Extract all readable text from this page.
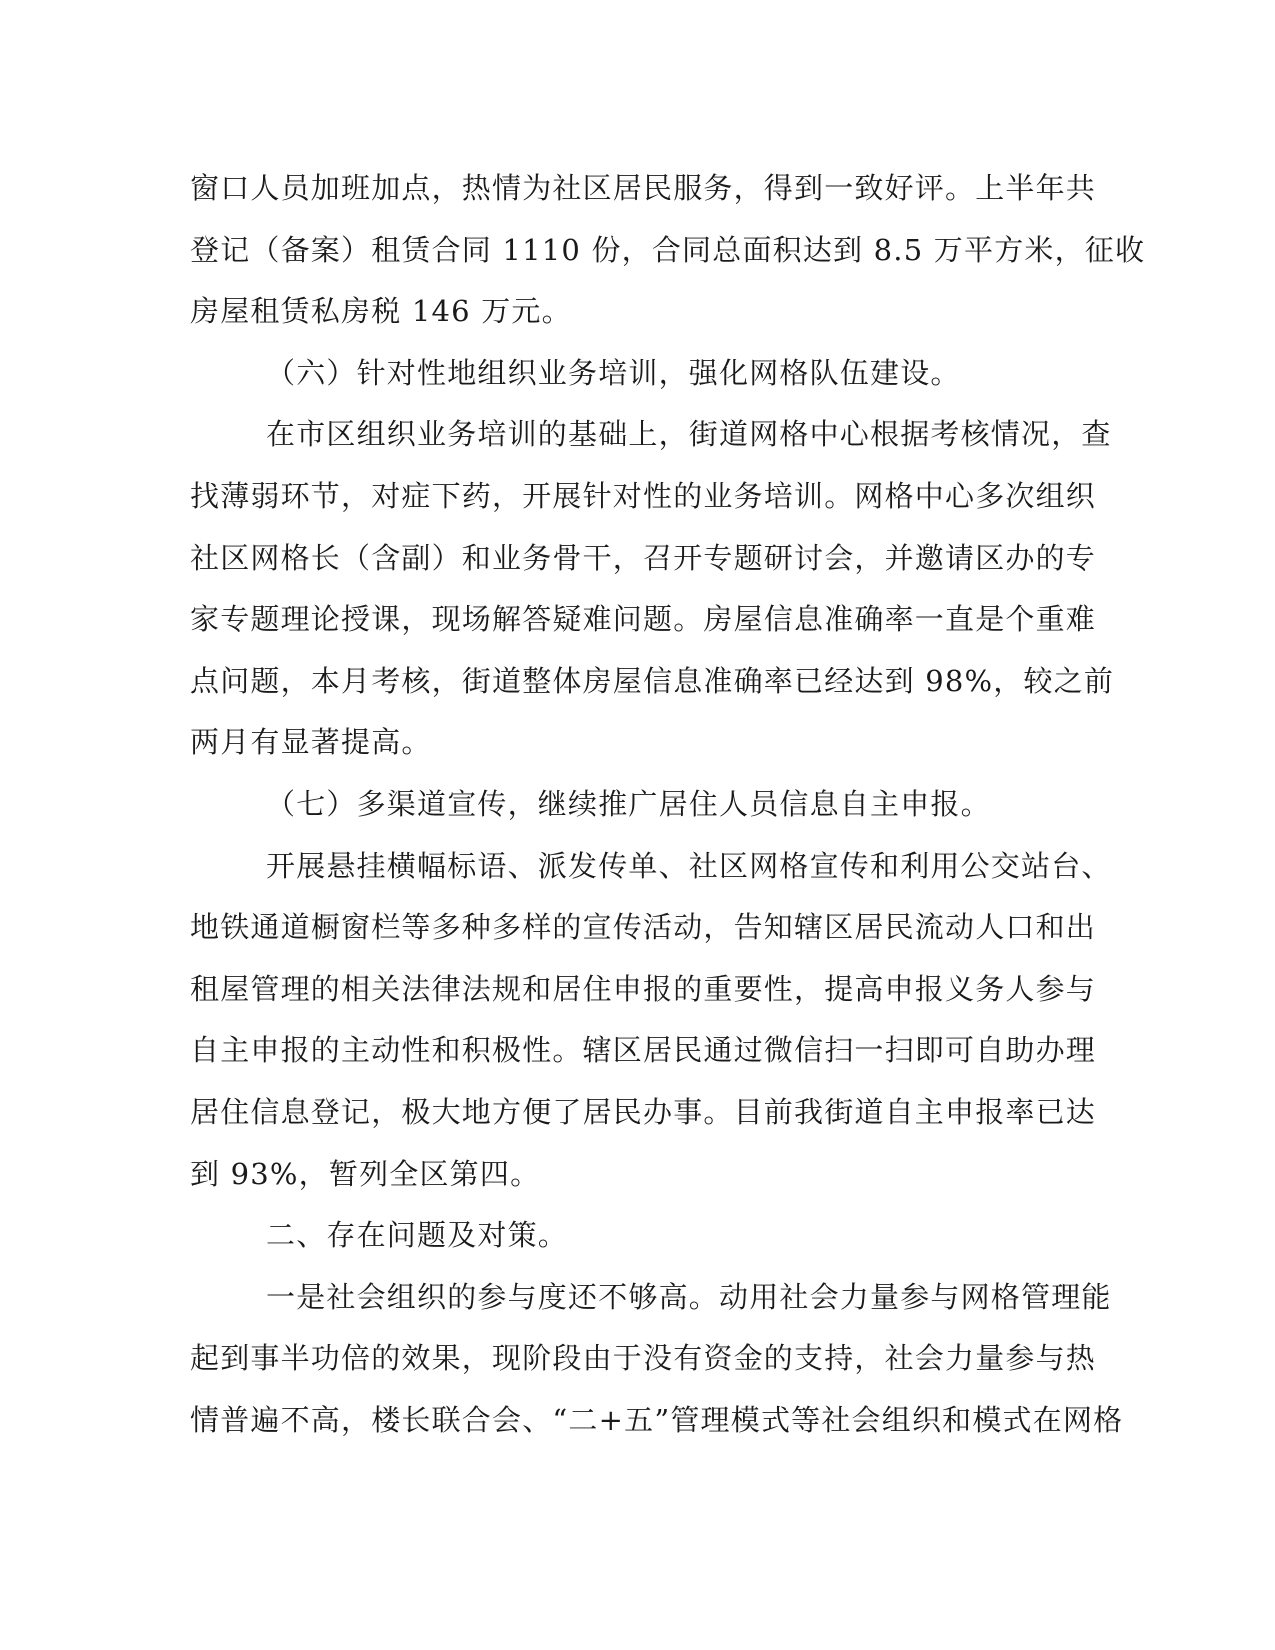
窗口人员加班加点，热情为社区居民服务，得到一致好评。上半年共
登记（备案）租赁合同 1110 份，合同总面积达到 8.5 万平方米，征收
房屋租赁私房税 146 万元。
（六）针对性地组织业务培训，强化网格队伍建设。
在市区组织业务培训的基础上，街道网格中心根据考核情况，查
找薄弱环节，对症下药，开展针对性的业务培训。网格中心多次组织
社区网格长（含副）和业务骨干，召开专题研讨会，并邀请区办的专
家专题理论授课，现场解答疑难问题。房屋信息准确率一直是个重难
点问题，本月考核，街道整体房屋信息准确率已经达到 98%，较之前
两月有显著提高。
（七）多渠道宣传，继续推广居住人员信息自主申报。
开展悬挂横幅标语、派发传单、社区网格宣传和利用公交站台、
地铁通道橱窗栏等多种多样的宣传活动，告知辖区居民流动人口和出
租屋管理的相关法律法规和居住申报的重要性，提高申报义务人参与
自主申报的主动性和积极性。辖区居民通过微信扫一扫即可自助办理
居住信息登记，极大地方便了居民办事。目前我街道自主申报率已达
到 93%，暂列全区第四。
二、存在问题及对策。
一是社会组织的参与度还不够高。动用社会力量参与网格管理能
起到事半功倍的效果，现阶段由于没有资金的支持，社会力量参与热
情普遍不高，楼长联合会、“二+五”管理模式等社会组织和模式在网格
